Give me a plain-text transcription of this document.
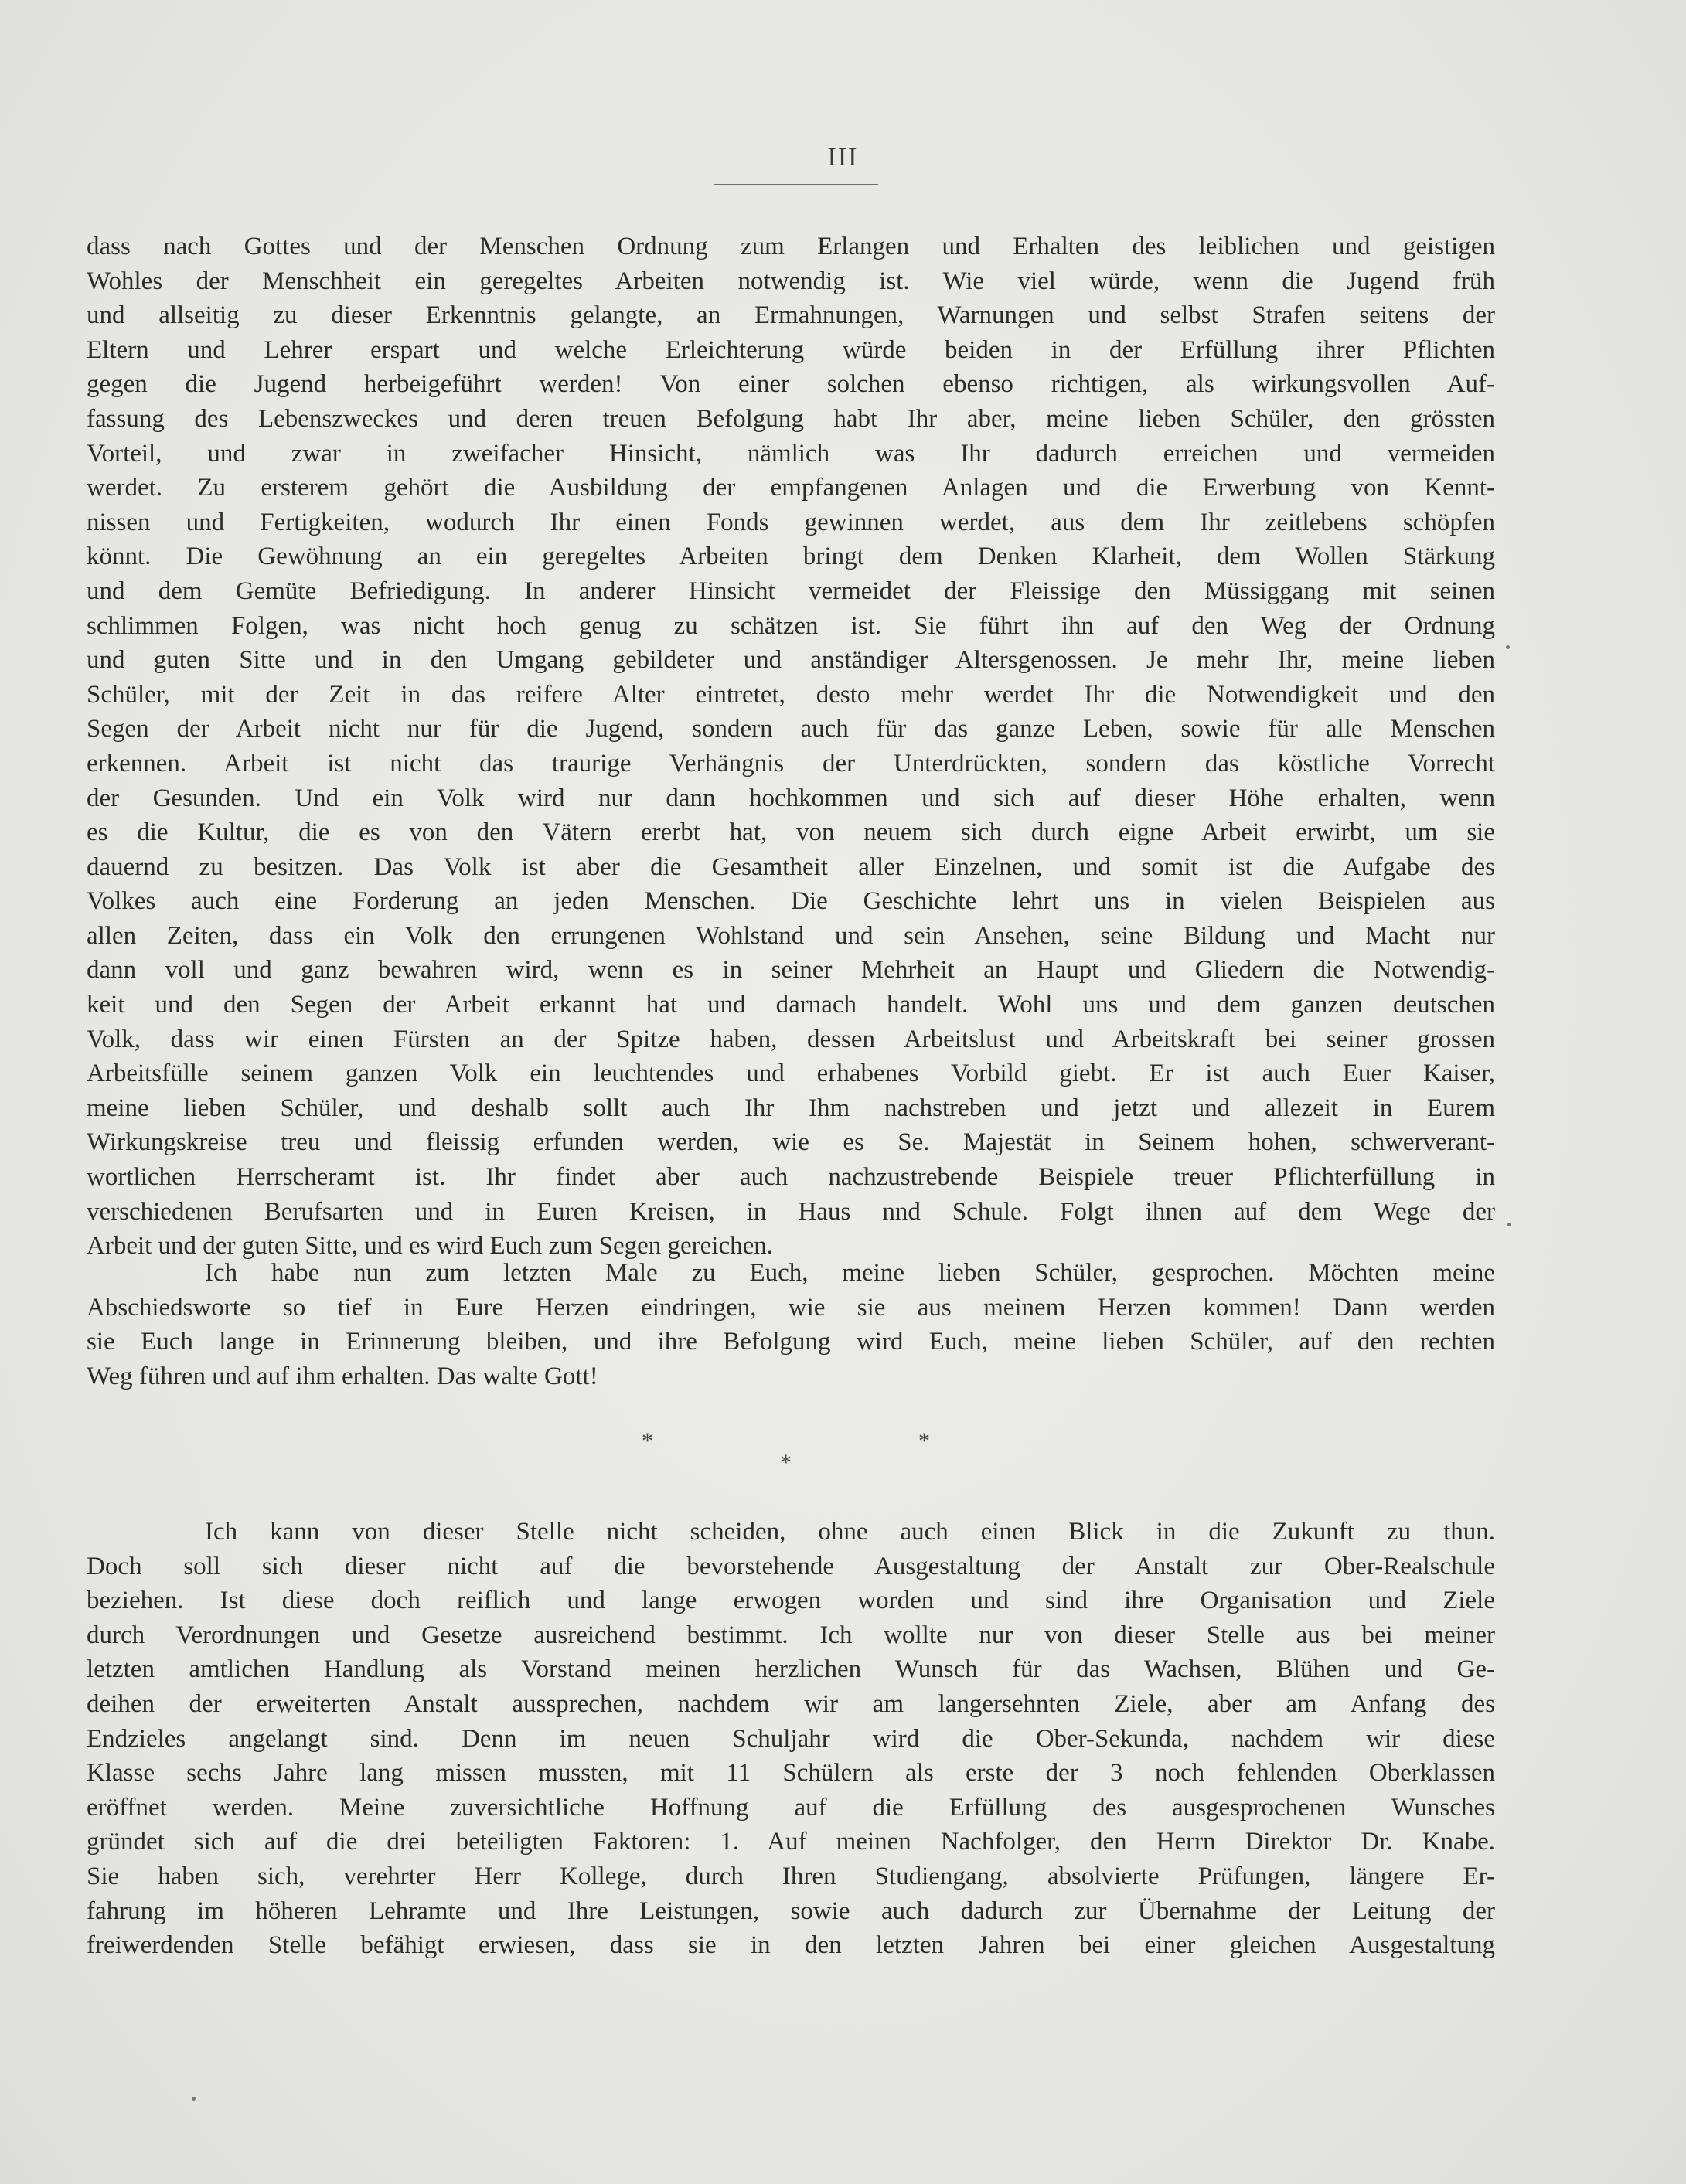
III
dass nach Gottes und der Menschen Ordnung zum Erlangen und Erhalten des leiblichen und geistigen
Wohles der Menschheit ein geregeltes Arbeiten notwendig ist. Wie viel würde, wenn die Jugend früh
und allseitig zu dieser Erkenntnis gelangte, an Ermahnungen, Warnungen und selbst Strafen seitens der
Eltern und Lehrer erspart und welche Erleichterung würde beiden in der Erfüllung ihrer Pflichten
gegen die Jugend herbeigeführt werden! Von einer solchen ebenso richtigen, als wirkungsvollen Auf-
fassung des Lebenszweckes und deren treuen Befolgung habt Ihr aber, meine lieben Schüler, den grössten
Vorteil, und zwar in zweifacher Hinsicht, nämlich was Ihr dadurch erreichen und vermeiden
werdet. Zu ersterem gehört die Ausbildung der empfangenen Anlagen und die Erwerbung von Kennt-
nissen und Fertigkeiten, wodurch Ihr einen Fonds gewinnen werdet, aus dem Ihr zeitlebens schöpfen
könnt. Die Gewöhnung an ein geregeltes Arbeiten bringt dem Denken Klarheit, dem Wollen Stärkung
und dem Gemüte Befriedigung. In anderer Hinsicht vermeidet der Fleissige den Müssiggang mit seinen
schlimmen Folgen, was nicht hoch genug zu schätzen ist. Sie führt ihn auf den Weg der Ordnung
und guten Sitte und in den Umgang gebildeter und anständiger Altersgenossen. Je mehr Ihr, meine lieben
Schüler, mit der Zeit in das reifere Alter eintretet, desto mehr werdet Ihr die Notwendigkeit und den
Segen der Arbeit nicht nur für die Jugend, sondern auch für das ganze Leben, sowie für alle Menschen
erkennen. Arbeit ist nicht das traurige Verhängnis der Unterdrückten, sondern das köstliche Vorrecht
der Gesunden. Und ein Volk wird nur dann hochkommen und sich auf dieser Höhe erhalten, wenn
es die Kultur, die es von den Vätern ererbt hat, von neuem sich durch eigne Arbeit erwirbt, um sie
dauernd zu besitzen. Das Volk ist aber die Gesamtheit aller Einzelnen, und somit ist die Aufgabe des
Volkes auch eine Forderung an jeden Menschen. Die Geschichte lehrt uns in vielen Beispielen aus
allen Zeiten, dass ein Volk den errungenen Wohlstand und sein Ansehen, seine Bildung und Macht nur
dann voll und ganz bewahren wird, wenn es in seiner Mehrheit an Haupt und Gliedern die Notwendig-
keit und den Segen der Arbeit erkannt hat und darnach handelt. Wohl uns und dem ganzen deutschen
Volk, dass wir einen Fürsten an der Spitze haben, dessen Arbeitslust und Arbeitskraft bei seiner grossen
Arbeitsfülle seinem ganzen Volk ein leuchtendes und erhabenes Vorbild giebt. Er ist auch Euer Kaiser,
meine lieben Schüler, und deshalb sollt auch Ihr Ihm nachstreben und jetzt und allezeit in Eurem
Wirkungskreise treu und fleissig erfunden werden, wie es Se. Majestät in Seinem hohen, schwerverant-
wortlichen Herrscheramt ist. Ihr findet aber auch nachzustrebende Beispiele treuer Pflichterfüllung in
verschiedenen Berufsarten und in Euren Kreisen, in Haus nnd Schule. Folgt ihnen auf dem Wege der
Arbeit und der guten Sitte, und es wird Euch zum Segen gereichen.
Ich habe nun zum letzten Male zu Euch, meine lieben Schüler, gesprochen. Möchten meine
Abschiedsworte so tief in Eure Herzen eindringen, wie sie aus meinem Herzen kommen! Dann werden
sie Euch lange in Erinnerung bleiben, und ihre Befolgung wird Euch, meine lieben Schüler, auf den rechten
Weg führen und auf ihm erhalten. Das walte Gott!
*	*
*
Ich kann von dieser Stelle nicht scheiden, ohne auch einen Blick in die Zukunft zu thun.
Doch soll sich dieser nicht auf die bevorstehende Ausgestaltung der Anstalt zur Ober-Realschule
beziehen. Ist diese doch reiflich und lange erwogen worden und sind ihre Organisation und Ziele
durch Verordnungen und Gesetze ausreichend bestimmt. Ich wollte nur von dieser Stelle aus bei meiner
letzten amtlichen Handlung als Vorstand meinen herzlichen Wunsch für das Wachsen, Blühen und Ge-
deihen der erweiterten Anstalt aussprechen, nachdem wir am langersehnten Ziele, aber am Anfang des
Endzieles angelangt sind. Denn im neuen Schuljahr wird die Ober-Sekunda, nachdem wir diese
Klasse sechs Jahre lang missen mussten, mit 11 Schülern als erste der 3 noch fehlenden Oberklassen
eröffnet werden. Meine zuversichtliche Hoffnung auf die Erfüllung des ausgesprochenen Wunsches
gründet sich auf die drei beteiligten Faktoren: 1. Auf meinen Nachfolger, den Herrn Direktor Dr. Knabe.
Sie haben sich, verehrter Herr Kollege, durch Ihren Studiengang, absolvierte Prüfungen, längere Er-
fahrung im höheren Lehramte und Ihre Leistungen, sowie auch dadurch zur Übernahme der Leitung der
freiwerdenden Stelle befähigt erwiesen, dass sie in den letzten Jahren bei einer gleichen Ausgestaltung
